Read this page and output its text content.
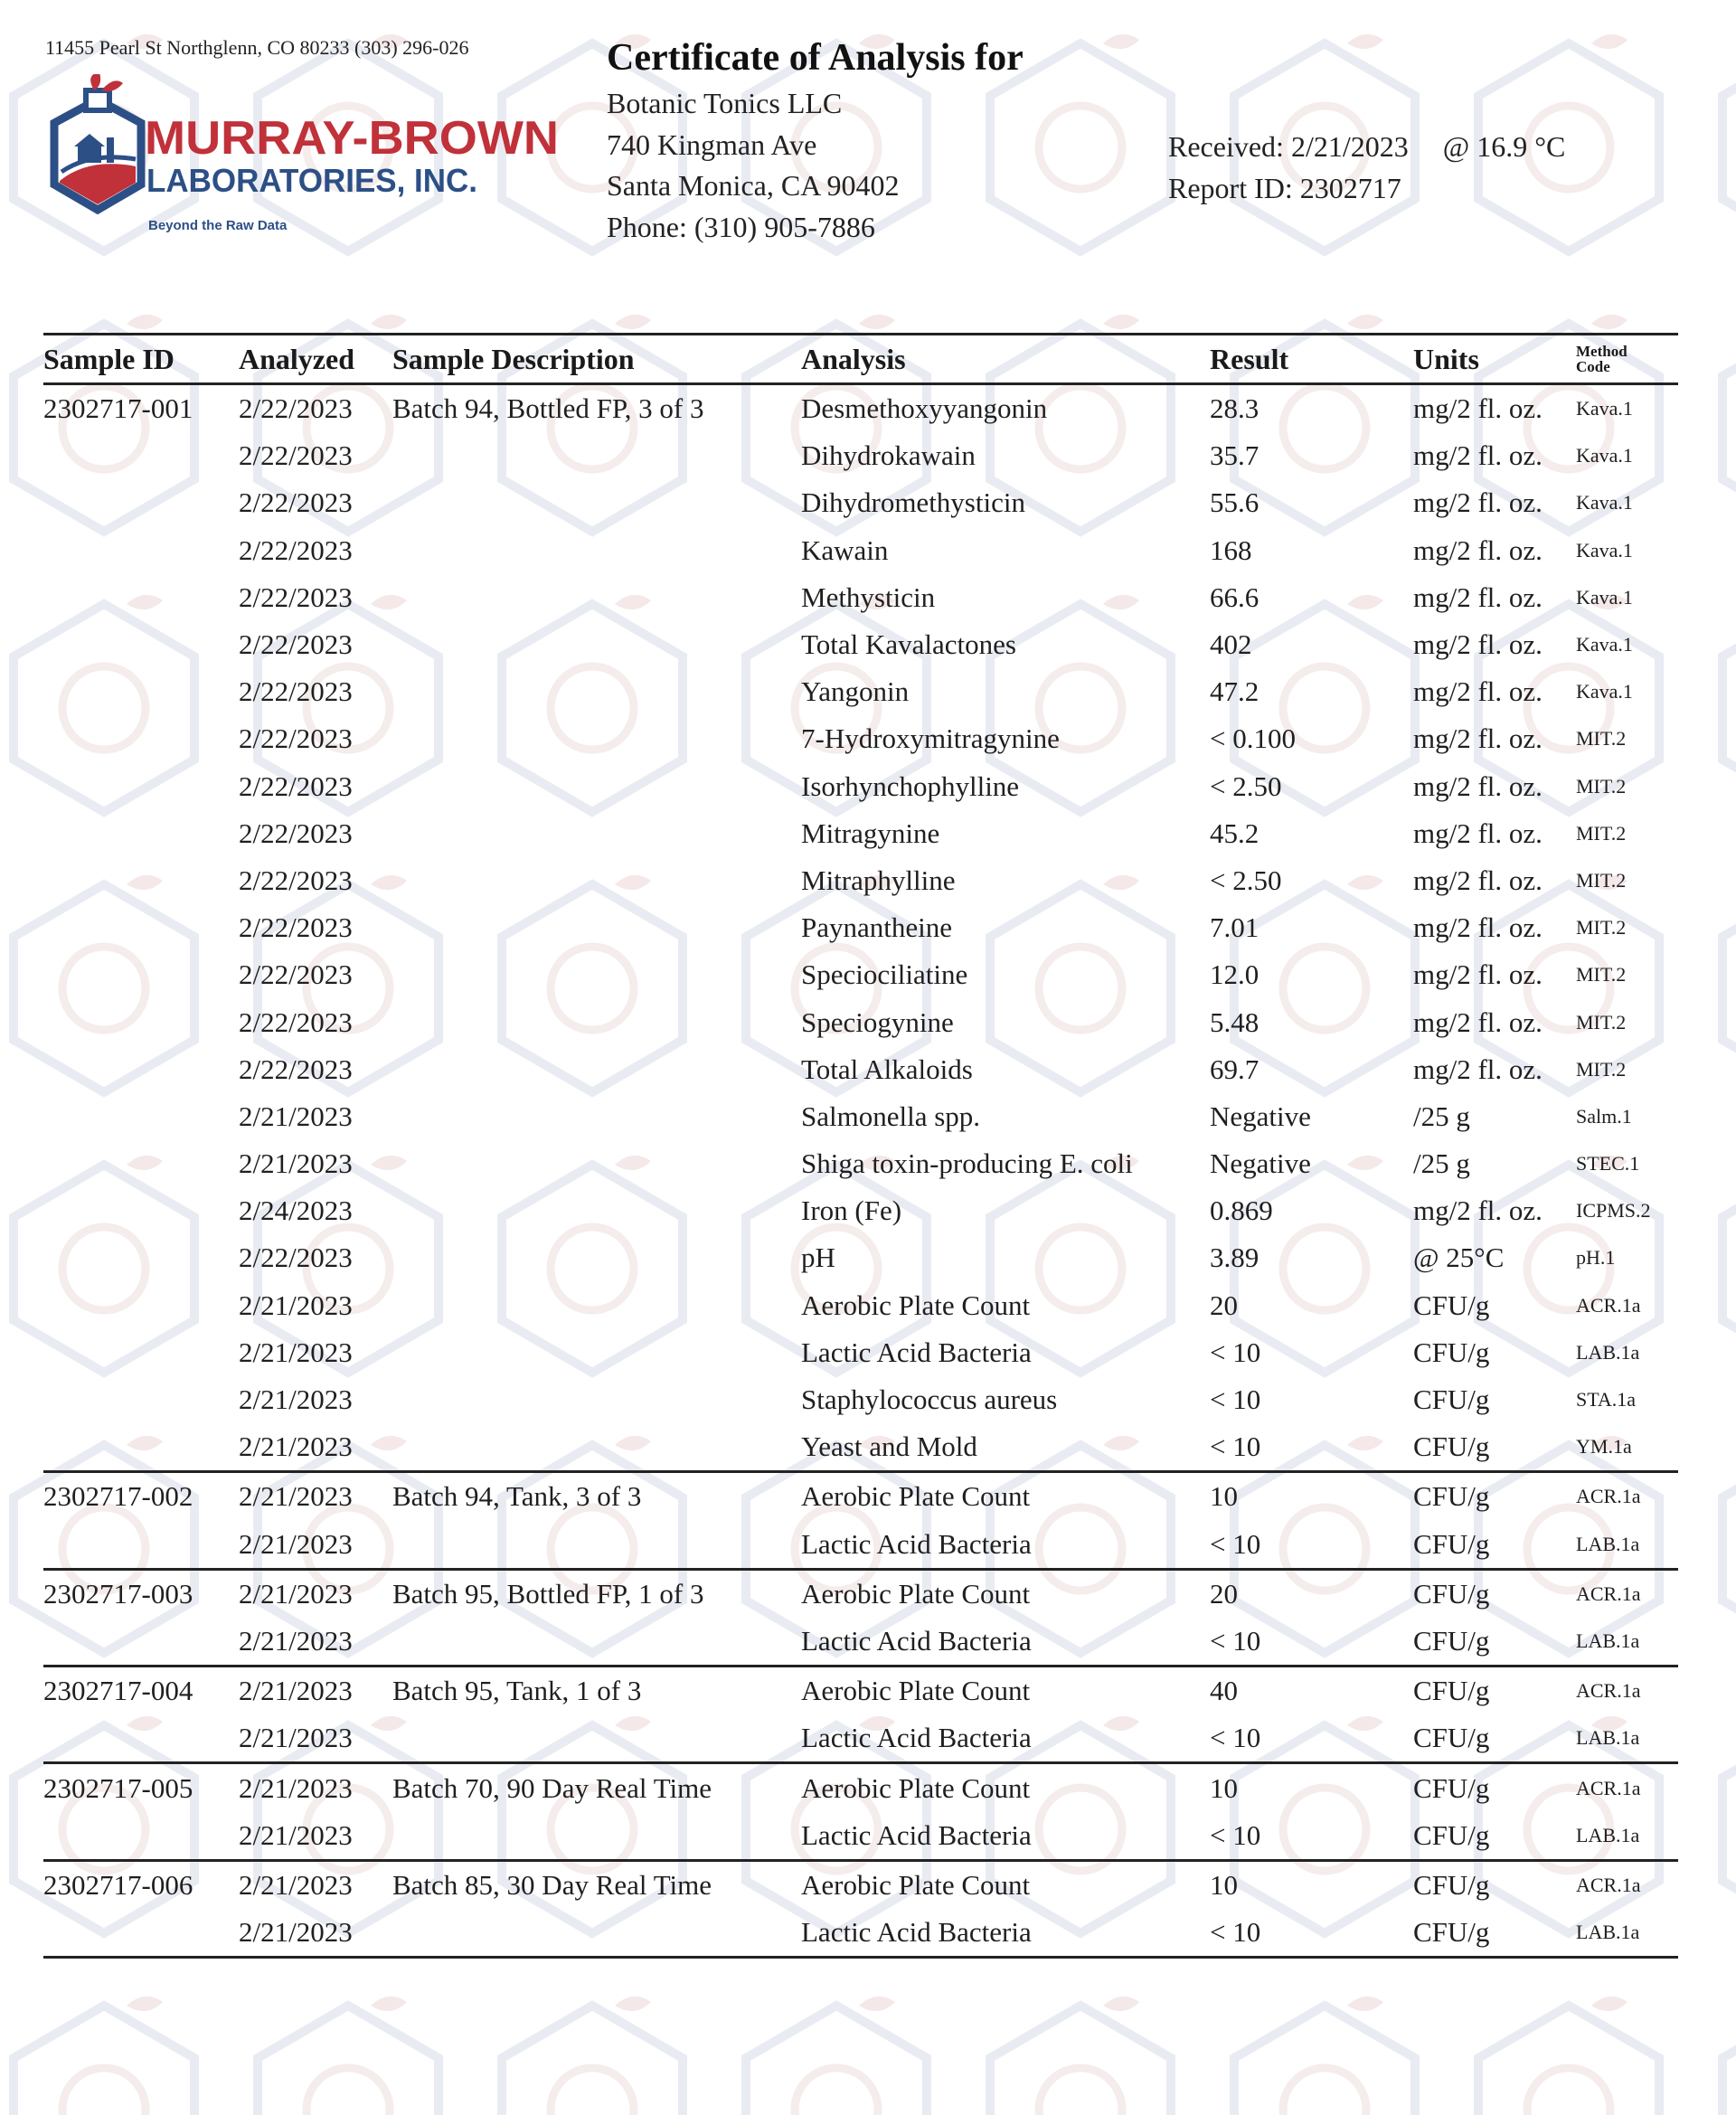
11455 Pearl St Northglenn, CO 80233 (303) 296-026
MURRAY-BROWN
LABORATORIES, INC.
Beyond the Raw Data
Certificate of Analysis for
Botanic Tonics LLC
740 Kingman Ave
Santa Monica, CA 90402
Phone: (310) 905-7886
Received: 2/21/2023 @ 16.9 °C
Report ID: 2302717
Sample ID	Analyzed	Sample Description	Analysis	Result	Units	Method
Code

2302717-001	2/22/2023	Batch 94, Bottled FP, 3 of 3	Desmethoxyyangonin	28.3	mg/2 fl. oz.	Kava.1
	2/22/2023		Dihydrokawain	35.7	mg/2 fl. oz.	Kava.1
	2/22/2023		Dihydromethysticin	55.6	mg/2 fl. oz.	Kava.1
	2/22/2023		Kawain	168	mg/2 fl. oz.	Kava.1
	2/22/2023		Methysticin	66.6	mg/2 fl. oz.	Kava.1
	2/22/2023		Total Kavalactones	402	mg/2 fl. oz.	Kava.1
	2/22/2023		Yangonin	47.2	mg/2 fl. oz.	Kava.1
	2/22/2023		7-Hydroxymitragynine	< 0.100	mg/2 fl. oz.	MIT.2
	2/22/2023		Isorhynchophylline	< 2.50	mg/2 fl. oz.	MIT.2
	2/22/2023		Mitragynine	45.2	mg/2 fl. oz.	MIT.2
	2/22/2023		Mitraphylline	< 2.50	mg/2 fl. oz.	MIT.2
	2/22/2023		Paynantheine	7.01	mg/2 fl. oz.	MIT.2
	2/22/2023		Speciociliatine	12.0	mg/2 fl. oz.	MIT.2
	2/22/2023		Speciogynine	5.48	mg/2 fl. oz.	MIT.2
	2/22/2023		Total Alkaloids	69.7	mg/2 fl. oz.	MIT.2
	2/21/2023		Salmonella spp.	Negative	/25 g	Salm.1
	2/21/2023		Shiga toxin-producing E. coli	Negative	/25 g	STEC.1
	2/24/2023		Iron (Fe)	0.869	mg/2 fl. oz.	ICPMS.2
	2/22/2023		pH	3.89	@ 25°C	pH.1
	2/21/2023		Aerobic Plate Count	20	CFU/g	ACR.1a
	2/21/2023		Lactic Acid Bacteria	< 10	CFU/g	LAB.1a
	2/21/2023		Staphylococcus aureus	< 10	CFU/g	STA.1a
	2/21/2023		Yeast and Mold	< 10	CFU/g	YM.1a
2302717-002	2/21/2023	Batch 94, Tank, 3 of 3	Aerobic Plate Count	10	CFU/g	ACR.1a
	2/21/2023		Lactic Acid Bacteria	< 10	CFU/g	LAB.1a
2302717-003	2/21/2023	Batch 95, Bottled FP, 1 of 3	Aerobic Plate Count	20	CFU/g	ACR.1a
	2/21/2023		Lactic Acid Bacteria	< 10	CFU/g	LAB.1a
2302717-004	2/21/2023	Batch 95, Tank, 1 of 3	Aerobic Plate Count	40	CFU/g	ACR.1a
	2/21/2023		Lactic Acid Bacteria	< 10	CFU/g	LAB.1a
2302717-005	2/21/2023	Batch 70, 90 Day Real Time	Aerobic Plate Count	10	CFU/g	ACR.1a
	2/21/2023		Lactic Acid Bacteria	< 10	CFU/g	LAB.1a
2302717-006	2/21/2023	Batch 85, 30 Day Real Time	Aerobic Plate Count	10	CFU/g	ACR.1a
	2/21/2023		Lactic Acid Bacteria	< 10	CFU/g	LAB.1a
